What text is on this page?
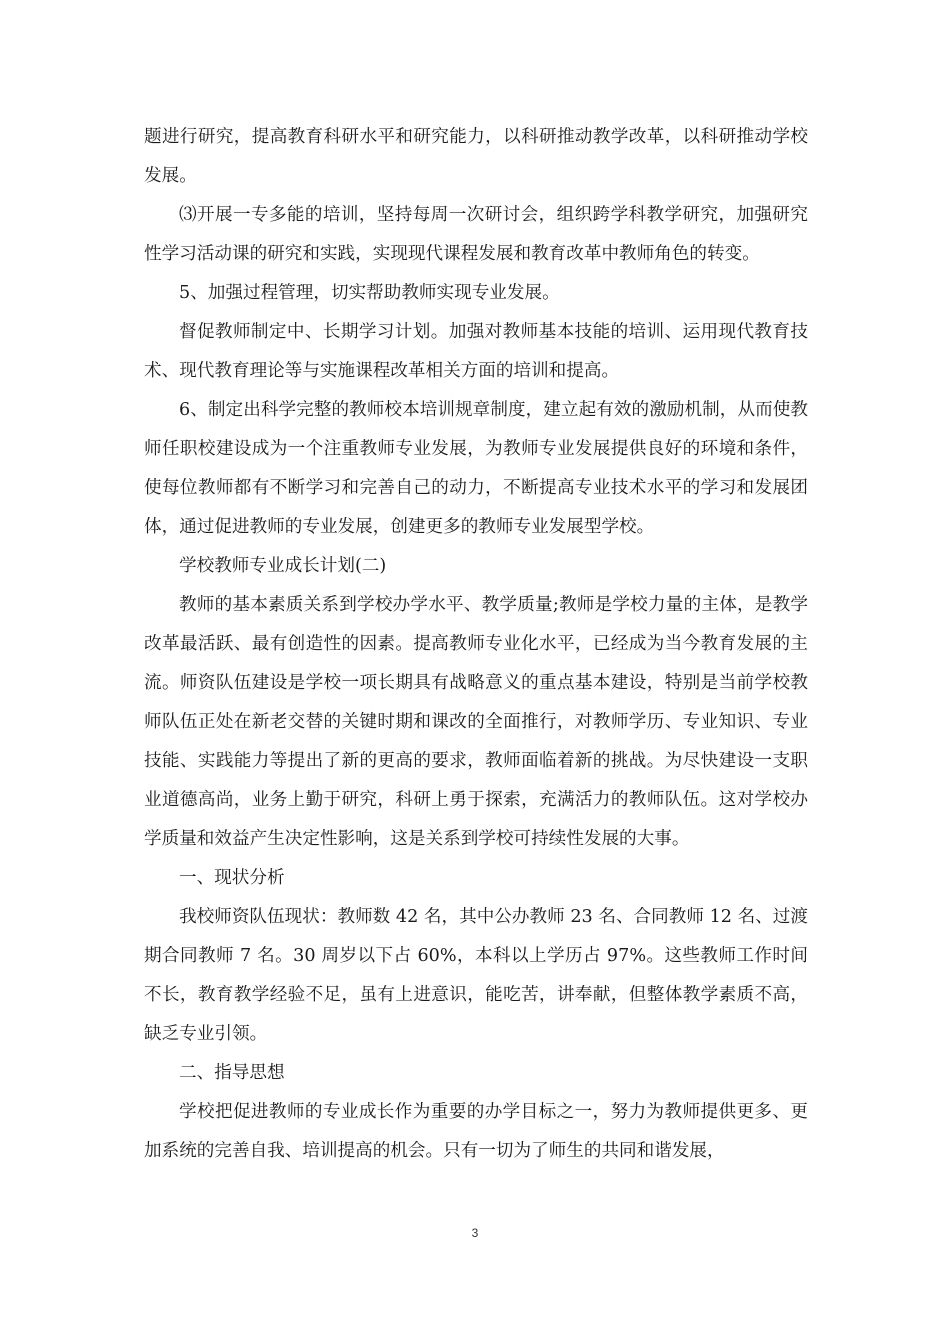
题进行研究，提高教育科研水平和研究能力，以科研推动教学改革，以科研推动学校发展。

⑶开展一专多能的培训，坚持每周一次研讨会，组织跨学科教学研究，加强研究性学习活动课的研究和实践，实现现代课程发展和教育改革中教师角色的转变。

5、加强过程管理，切实帮助教师实现专业发展。

督促教师制定中、长期学习计划。加强对教师基本技能的培训、运用现代教育技术、现代教育理论等与实施课程改革相关方面的培训和提高。

6、制定出科学完整的教师校本培训规章制度，建立起有效的激励机制，从而使教师任职校建设成为一个注重教师专业发展，为教师专业发展提供良好的环境和条件，使每位教师都有不断学习和完善自己的动力，不断提高专业技术水平的学习和发展团体，通过促进教师的专业发展，创建更多的教师专业发展型学校。

学校教师专业成长计划(二)

教师的基本素质关系到学校办学水平、教学质量;教师是学校力量的主体，是教学改革最活跃、最有创造性的因素。提高教师专业化水平，已经成为当今教育发展的主流。师资队伍建设是学校一项长期具有战略意义的重点基本建设，特别是当前学校教师队伍正处在新老交替的关键时期和课改的全面推行，对教师学历、专业知识、专业技能、实践能力等提出了新的更高的要求，教师面临着新的挑战。为尽快建设一支职业道德高尚，业务上勤于研究，科研上勇于探索，充满活力的教师队伍。这对学校办学质量和效益产生决定性影响，这是关系到学校可持续性发展的大事。

一、现状分析

我校师资队伍现状：教师数 42 名，其中公办教师 23 名、合同教师 12 名、过渡期合同教师 7 名。30 周岁以下占 60%，本科以上学历占 97%。这些教师工作时间不长，教育教学经验不足，虽有上进意识，能吃苦，讲奉献，但整体教学素质不高，缺乏专业引领。

二、指导思想

学校把促进教师的专业成长作为重要的办学目标之一，努力为教师提供更多、更加系统的完善自我、培训提高的机会。只有一切为了师生的共同和谐发展，

3
